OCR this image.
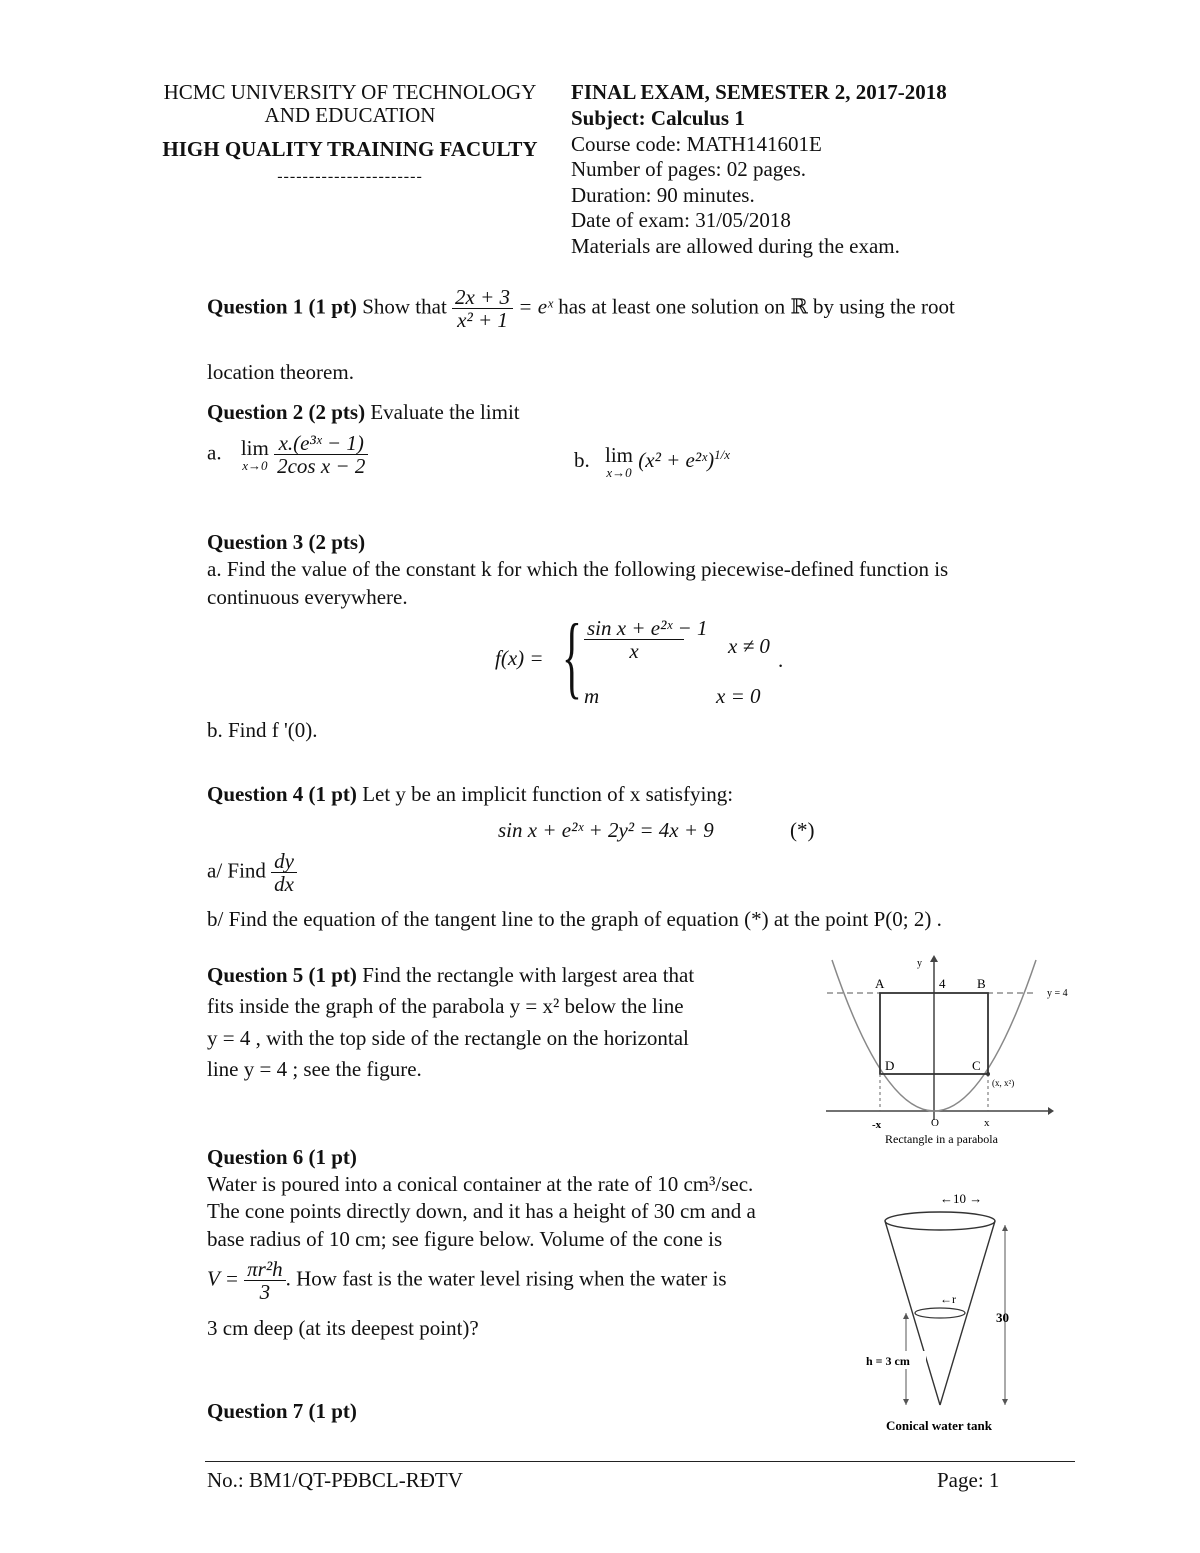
HCMC UNIVERSITY OF TECHNOLOGY
AND EDUCATION
HIGH QUALITY TRAINING FACULTY
-----------------------
FINAL EXAM, SEMESTER 2, 2017-2018
Subject: Calculus 1
Course code: MATH141601E
Number of pages: 02 pages.
Duration: 90 minutes.
Date of exam: 31/05/2018
Materials are allowed during the exam.
Question 1 (1 pt) Show that $\frac{2x + 3}{\text{x² + 1}}$ = eˣ has at least one solution on ℝ by using the root
location theorem.
Question 2 (2 pts) Evaluate the limit
a. lim
x→0
$\frac{\text{x.(e³ˣ − 1)}}{\text{2cos x − 2}}$	b. lim
x→0
(x² + e²ˣ)$^{1/x}$
Question 3 (2 pts)
a. Find the value of the constant k for which the following piecewise-defined function is
continuous everywhere.
f(x) = { $\frac{\text{sin x + e²ˣ − 1}}{x}$ x ≠ 0
m	x = 0
.
b. Find f '(0).
Question 4 (1 pt) Let y be an implicit function of x satisfying:
sin x + e²ˣ + 2y² = 4x + 9	(*)
a/ Find $\frac{dy}{dx}$
b/ Find the equation of the tangent line to the graph of equation (*) at the point P(0; 2) .
Question 5 (1 pt) Find the rectangle with largest area that
fits inside the graph of the parabola y = x² below the line
y = 4 , with the top side of the rectangle on the horizontal
line y = 4 ; see the figure.
A	B
C
D
4
y
y = 4
(x, x²)
-x	O	x
Rectangle in a parabola
Question 6 (1 pt)
Water is poured into a conical container at the rate of 10 cm³/sec.
The cone points directly down, and it has a height of 30 cm and a
base radius of 10 cm; see figure below. Volume of the cone is
$V = \frac{\text{πr²h}}{3}$ . How fast is the water level rising when the water is
3 cm deep (at its deepest point)?
←10 →
←r
30
h = 3 cm
Conical water tank
Question 7 (1 pt)
No.: BM1/QT-PĐBCL-RĐTV	Page: 1
